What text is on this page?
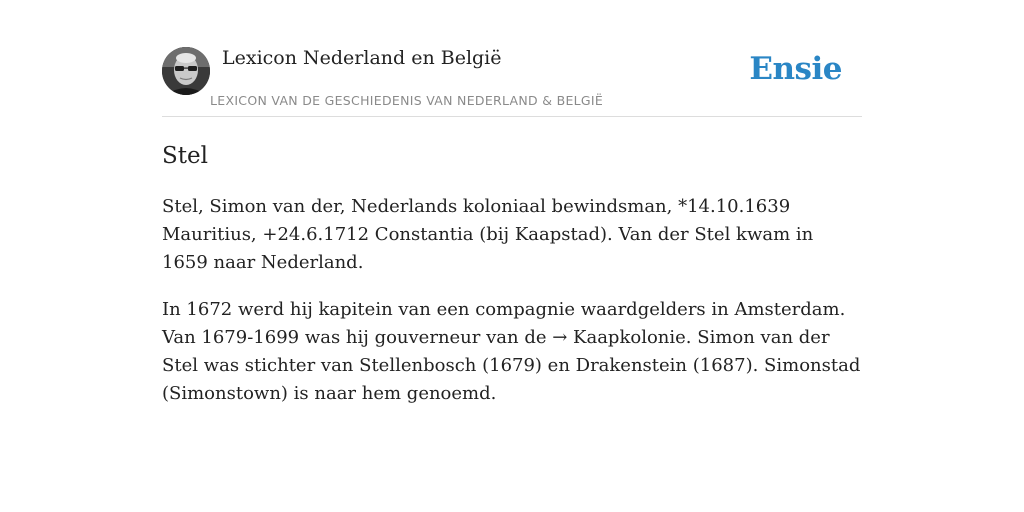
Lexicon Nederland en België
LEXICON VAN DE GESCHIEDENIS VAN NEDERLAND & BELGIË
Ensie
Stel

Stel, Simon van der, Nederlands koloniaal bewindsman, *14.10.1639 Mauritius, +24.6.1712 Constantia (bij Kaapstad). Van der Stel kwam in 1659 naar Nederland.

In 1672 werd hij kapitein van een compagnie waardgelders in Amsterdam. Van 1679-1699 was hij gouverneur van de → Kaapkolonie. Simon van der Stel was stichter van Stellenbosch (1679) en Drakenstein (1687). Simonstad (Simonstown) is naar hem genoemd.
